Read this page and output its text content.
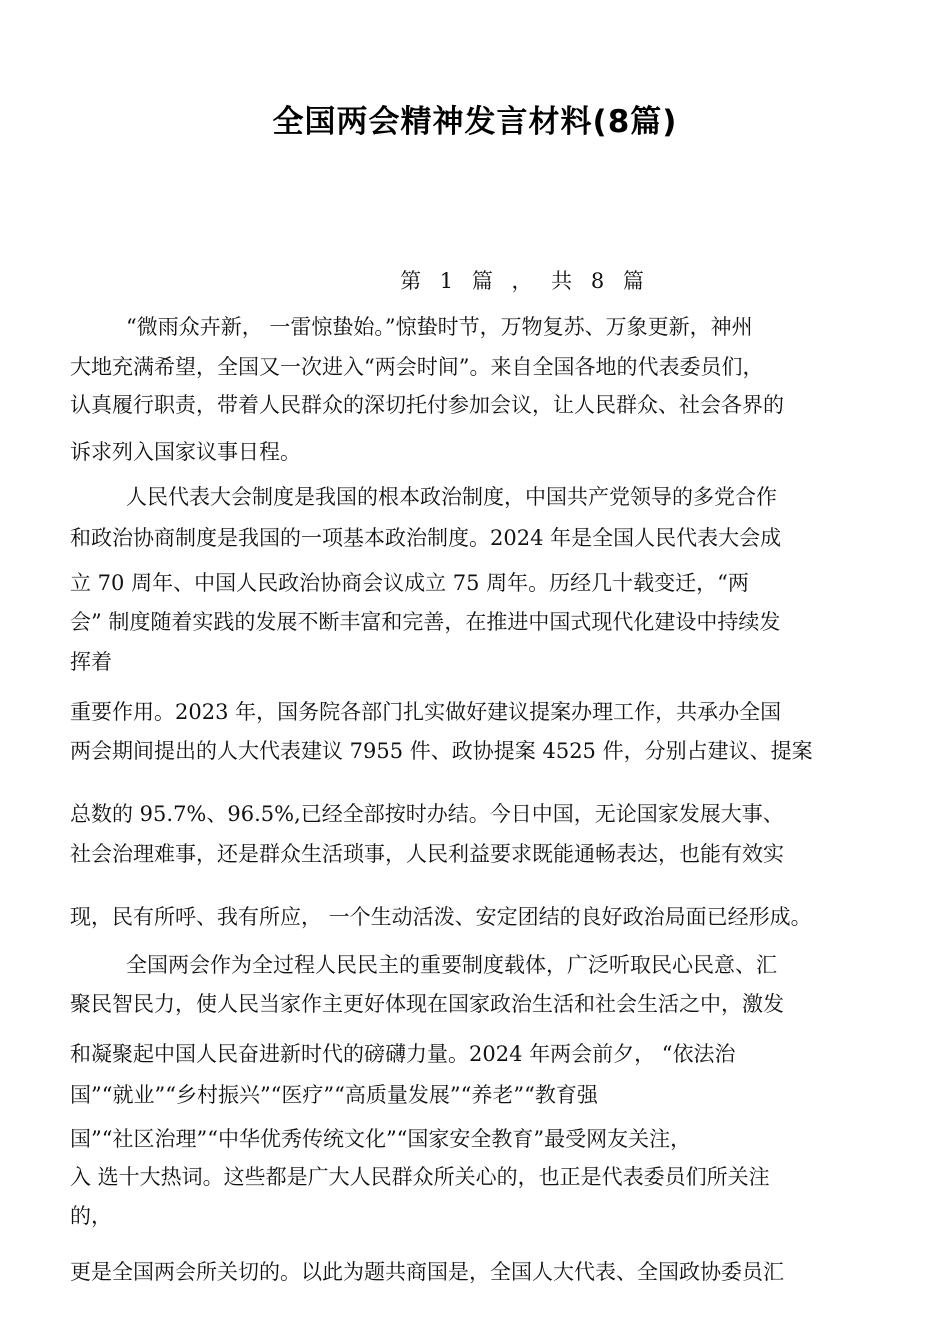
全国两会精神发言材料(8篇)
第 1 篇 ， 共 8 篇
“微雨众卉新， 一雷惊蛰始。”惊蛰时节，万物复苏、万象更新，神州
大地充满希望，全国又一次进入“两会时间”。来自全国各地的代表委员们，
认真履行职责，带着人民群众的深切托付参加会议，让人民群众、社会各界的
诉求列入国家议事日程。
人民代表大会制度是我国的根本政治制度，中国共产党领导的多党合作
和政治协商制度是我国的一项基本政治制度。2024 年是全国人民代表大会成
立 70 周年、中国人民政治协商会议成立 75 周年。历经几十载变迁，“两
会” 制度随着实践的发展不断丰富和完善，在推进中国式现代化建设中持续发
挥着
重要作用。2023 年，国务院各部门扎实做好建议提案办理工作，共承办全国
两会期间提出的人大代表建议 7955 件、政协提案 4525 件，分别占建议、提案
总数的 95.7%、96.5%,已经全部按时办结。今日中国，无论国家发展大事、
社会治理难事，还是群众生活琐事，人民利益要求既能通畅表达，也能有效实
现，民有所呼、我有所应， 一个生动活泼、安定团结的良好政治局面已经形成。
全国两会作为全过程人民民主的重要制度载体，广泛听取民心民意、汇
聚民智民力，使人民当家作主更好体现在国家政治生活和社会生活之中，激发
和凝聚起中国人民奋进新时代的磅礴力量。2024 年两会前夕， “依法治
国”“就业”“乡村振兴”“医疗”“高质量发展”“养老”“教育强
国”“社区治理”“中华优秀传统文化”“国家安全教育”最受网友关注，
入 选十大热词。这些都是广大人民群众所关心的，也正是代表委员们所关注
的，
更是全国两会所关切的。以此为题共商国是，全国人大代表、全国政协委员汇
